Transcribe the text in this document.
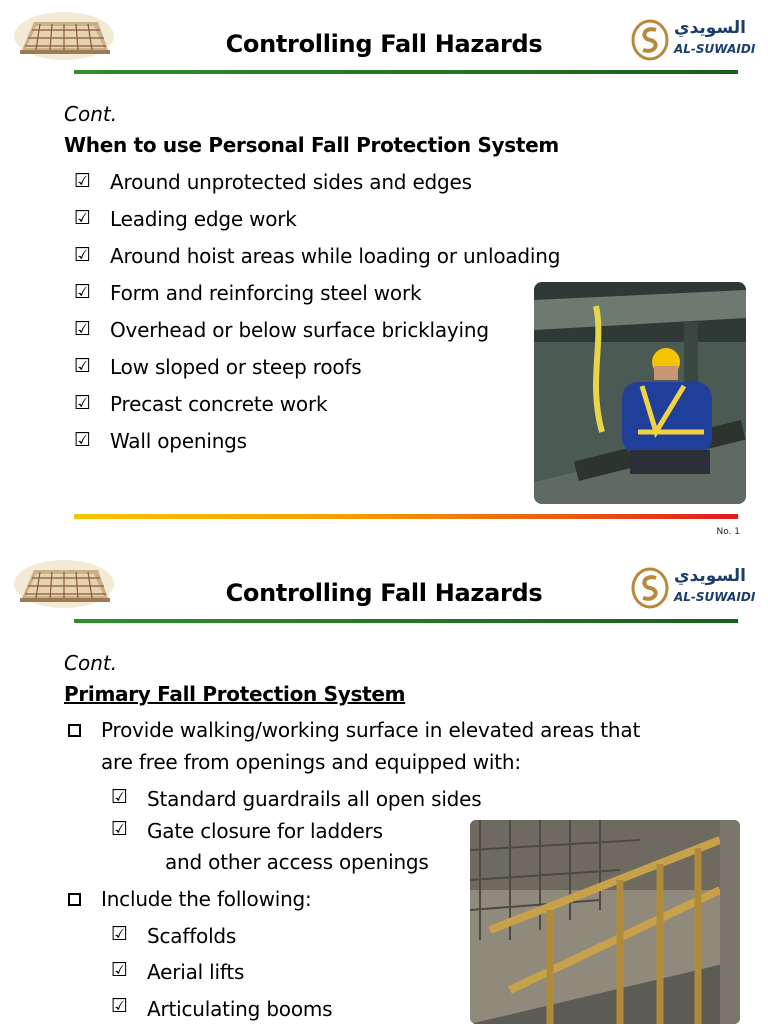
Controlling Fall Hazards
السويدي
AL-SUWAIDI
Cont.
When to use Personal Fall Protection System
☑ Around unprotected sides and edges
☑ Leading edge work
☑ Around hoist areas while loading or unloading
☑ Form and reinforcing steel work
☑ Overhead or below surface bricklaying
☑ Low sloped or steep roofs
☑ Precast concrete work
☑ Wall openings
No. 1
Controlling Fall Hazards
السويدي
AL-SUWAIDI
Cont.
Primary Fall Protection System
Provide walking/working surface in elevated areas that
are free from openings and equipped with:
☑ Standard guardrails all open sides
☑ Gate closure for ladders
and other access openings
Include the following:
☑ Scaffolds
☑ Aerial lifts
☑ Articulating booms
